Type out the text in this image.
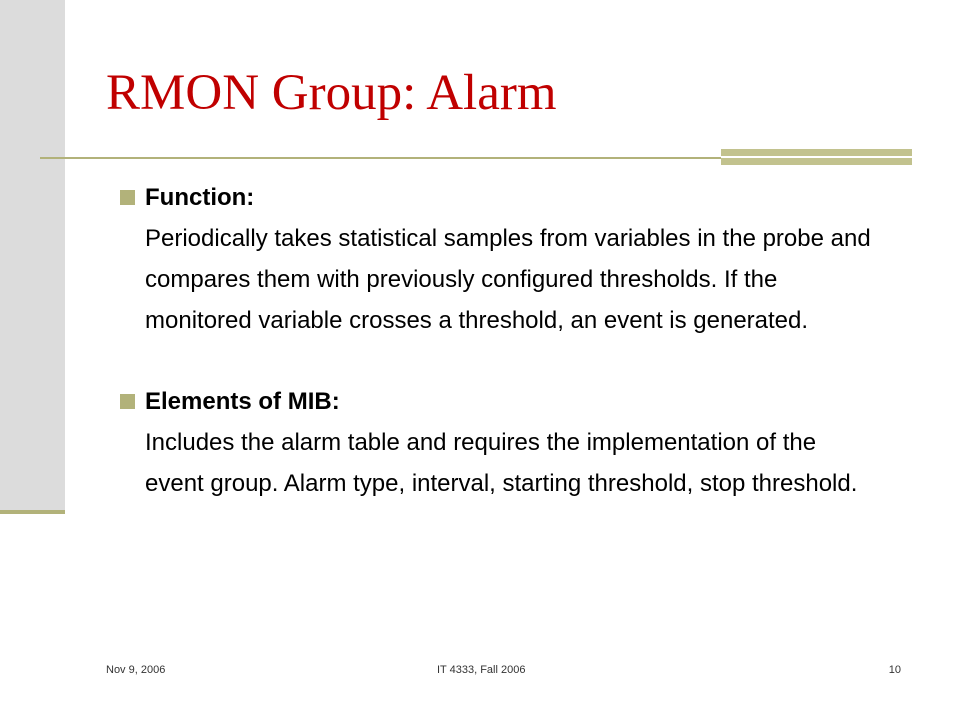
RMON Group: Alarm
Function:
Periodically takes statistical samples from variables in the probe and compares them with previously configured thresholds. If the monitored variable crosses a threshold, an event is generated.
Elements of MIB:
Includes the alarm table and requires the implementation of the event group. Alarm type, interval, starting threshold, stop threshold.
Nov 9, 2006	IT 4333, Fall 2006	10
